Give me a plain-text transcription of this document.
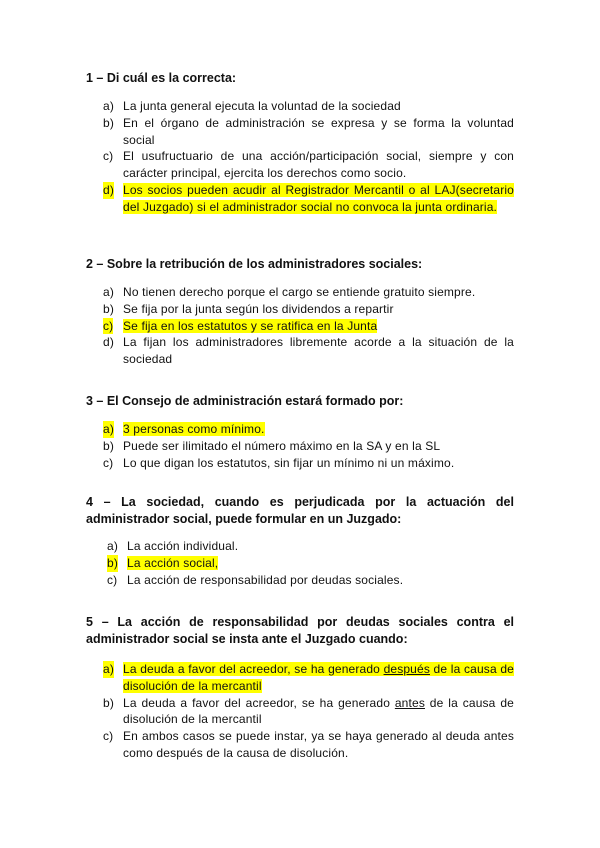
1 – Di cuál es la correcta:

a) La junta general ejecuta la voluntad de la sociedad
b) En el órgano de administración se expresa y se forma la voluntad social
c) El usufructuario de una acción/participación social, siempre y con carácter principal, ejercita los derechos como socio.
d) Los socios pueden acudir al Registrador Mercantil o al LAJ(secretario del Juzgado) si el administrador social no convoca la junta ordinaria.

2 – Sobre la retribución de los administradores sociales:

a) No tienen derecho porque el cargo se entiende gratuito siempre.
b) Se fija por la junta según los dividendos a repartir
c) Se fija en los estatutos y se ratifica en la Junta
d) La fijan los administradores libremente acorde a la situación de la sociedad

3 – El Consejo de administración estará formado por:

a) 3 personas como mínimo.
b) Puede ser ilimitado el número máximo en la SA y en la SL
c) Lo que digan los estatutos, sin fijar un mínimo ni un máximo.

4 – La sociedad, cuando es perjudicada por la actuación del administrador social, puede formular en un Juzgado:

a) La acción individual.
b) La acción social,
c) La acción de responsabilidad por deudas sociales.

5 – La acción de responsabilidad por deudas sociales contra el administrador social se insta ante el Juzgado cuando:

a) La deuda a favor del acreedor, se ha generado después de la causa de disolución de la mercantil
b) La deuda a favor del acreedor, se ha generado antes de la causa de disolución de la mercantil
c) En ambos casos se puede instar, ya se haya generado al deuda antes como después de la causa de disolución.
